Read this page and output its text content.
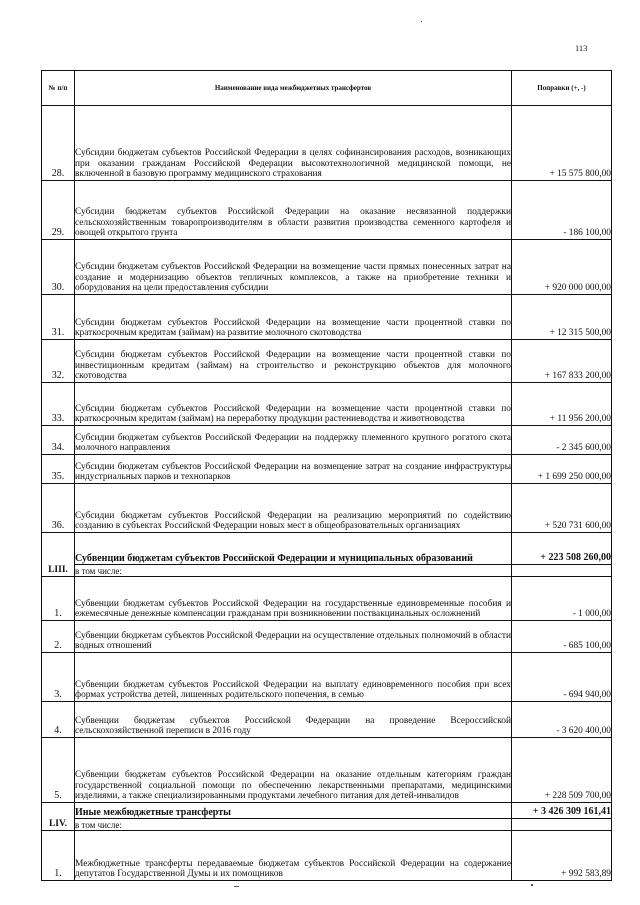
113
№ п/п	Наименование вида межбюджетных трансфертов	Поправки (+, -)
28.	Субсидии бюджетам субъектов Российской Федерации в целях софинансирования расходов, возникающих при оказании гражданам Российской Федерации высокотехнологичной медицинской помощи, не включенной в базовую программу медицинского страхования	+ 15 575 800,00
29.	Субсидии бюджетам субъектов Российской Федерации на оказание несвязанной поддержки сельскохозяйственным товаропроизводителям в области развития производства семенного картофеля и овощей открытого грунта	- 186 100,00
30.	Субсидии бюджетам субъектов Российской Федерации на возмещение части прямых понесенных затрат на создание и модернизацию объектов тепличных комплексов, а также на приобретение техники и оборудования на цели предоставления субсидии	+ 920 000 000,00
31.	Субсидии бюджетам субъектов Российской Федерации на возмещение части процентной ставки по краткосрочным кредитам (займам) на развитие молочного скотоводства	+ 12 315 500,00
32.	Субсидии бюджетам субъектов Российской Федерации на возмещение части процентной ставки по инвестиционным кредитам (займам) на строительство и реконструкцию объектов для молочного скотоводства	+ 167 833 200,00
33.	Субсидии бюджетам субъектов Российской Федерации на возмещение части процентной ставки по краткосрочным кредитам (займам) на переработку продукции растениеводства и животноводства	+ 11 956 200,00
34.	Субсидии бюджетам субъектов Российской Федерации на поддержку племенного крупного рогатого скота молочного направления	- 2 345 600,00
35.	Субсидии бюджетам субъектов Российской Федерации на возмещение затрат на создание инфраструктуры индустриальных парков и технопарков	+ 1 699 250 000,00
36.	Субсидии бюджетам субъектов Российской Федерации на реализацию мероприятий по содействию созданию в субъектах Российской Федерации новых мест в общеобразовательных организациях	+ 520 731 600,00
LIII.	Субвенции бюджетам субъектов Российской Федерации и муниципальных образований	+ 223 508 260,00
	в том числе:	
1.	Субвенции бюджетам субъектов Российской Федерации на государственные единовременные пособия и ежемесячные денежные компенсации гражданам при возникновении поствакцинальных осложнений	- 1 000,00
2.	Субвенции бюджетам субъектов Российской Федерации на осуществление отдельных полномочий в области водных отношений	- 685 100,00
3.	Субвенции бюджетам субъектов Российской Федерации на выплату единовременного пособия при всех формах устройства детей, лишенных родительского попечения, в семью	- 694 940,00
4.	Субвенции бюджетам субъектов Российской Федерации на проведение Всероссийской сельскохозяйственной переписи в 2016 году	- 3 620 400,00
5.	Субвенции бюджетам субъектов Российской Федерации на оказание отдельным категориям граждан государственной социальной помощи по обеспечению лекарственными препаратами, медицинскими изделиями, а также специализированными продуктами лечебного питания для детей-инвалидов	+ 228 509 700,00
LIV.	Иные межбюджетные трансферты	+ 3 426 309 161,41
	в том числе:	
1.	Межбюджетные трансферты передаваемые бюджетам субъектов Российской Федерации на содержание депутатов Государственной Думы и их помощников	+ 992 583,89
